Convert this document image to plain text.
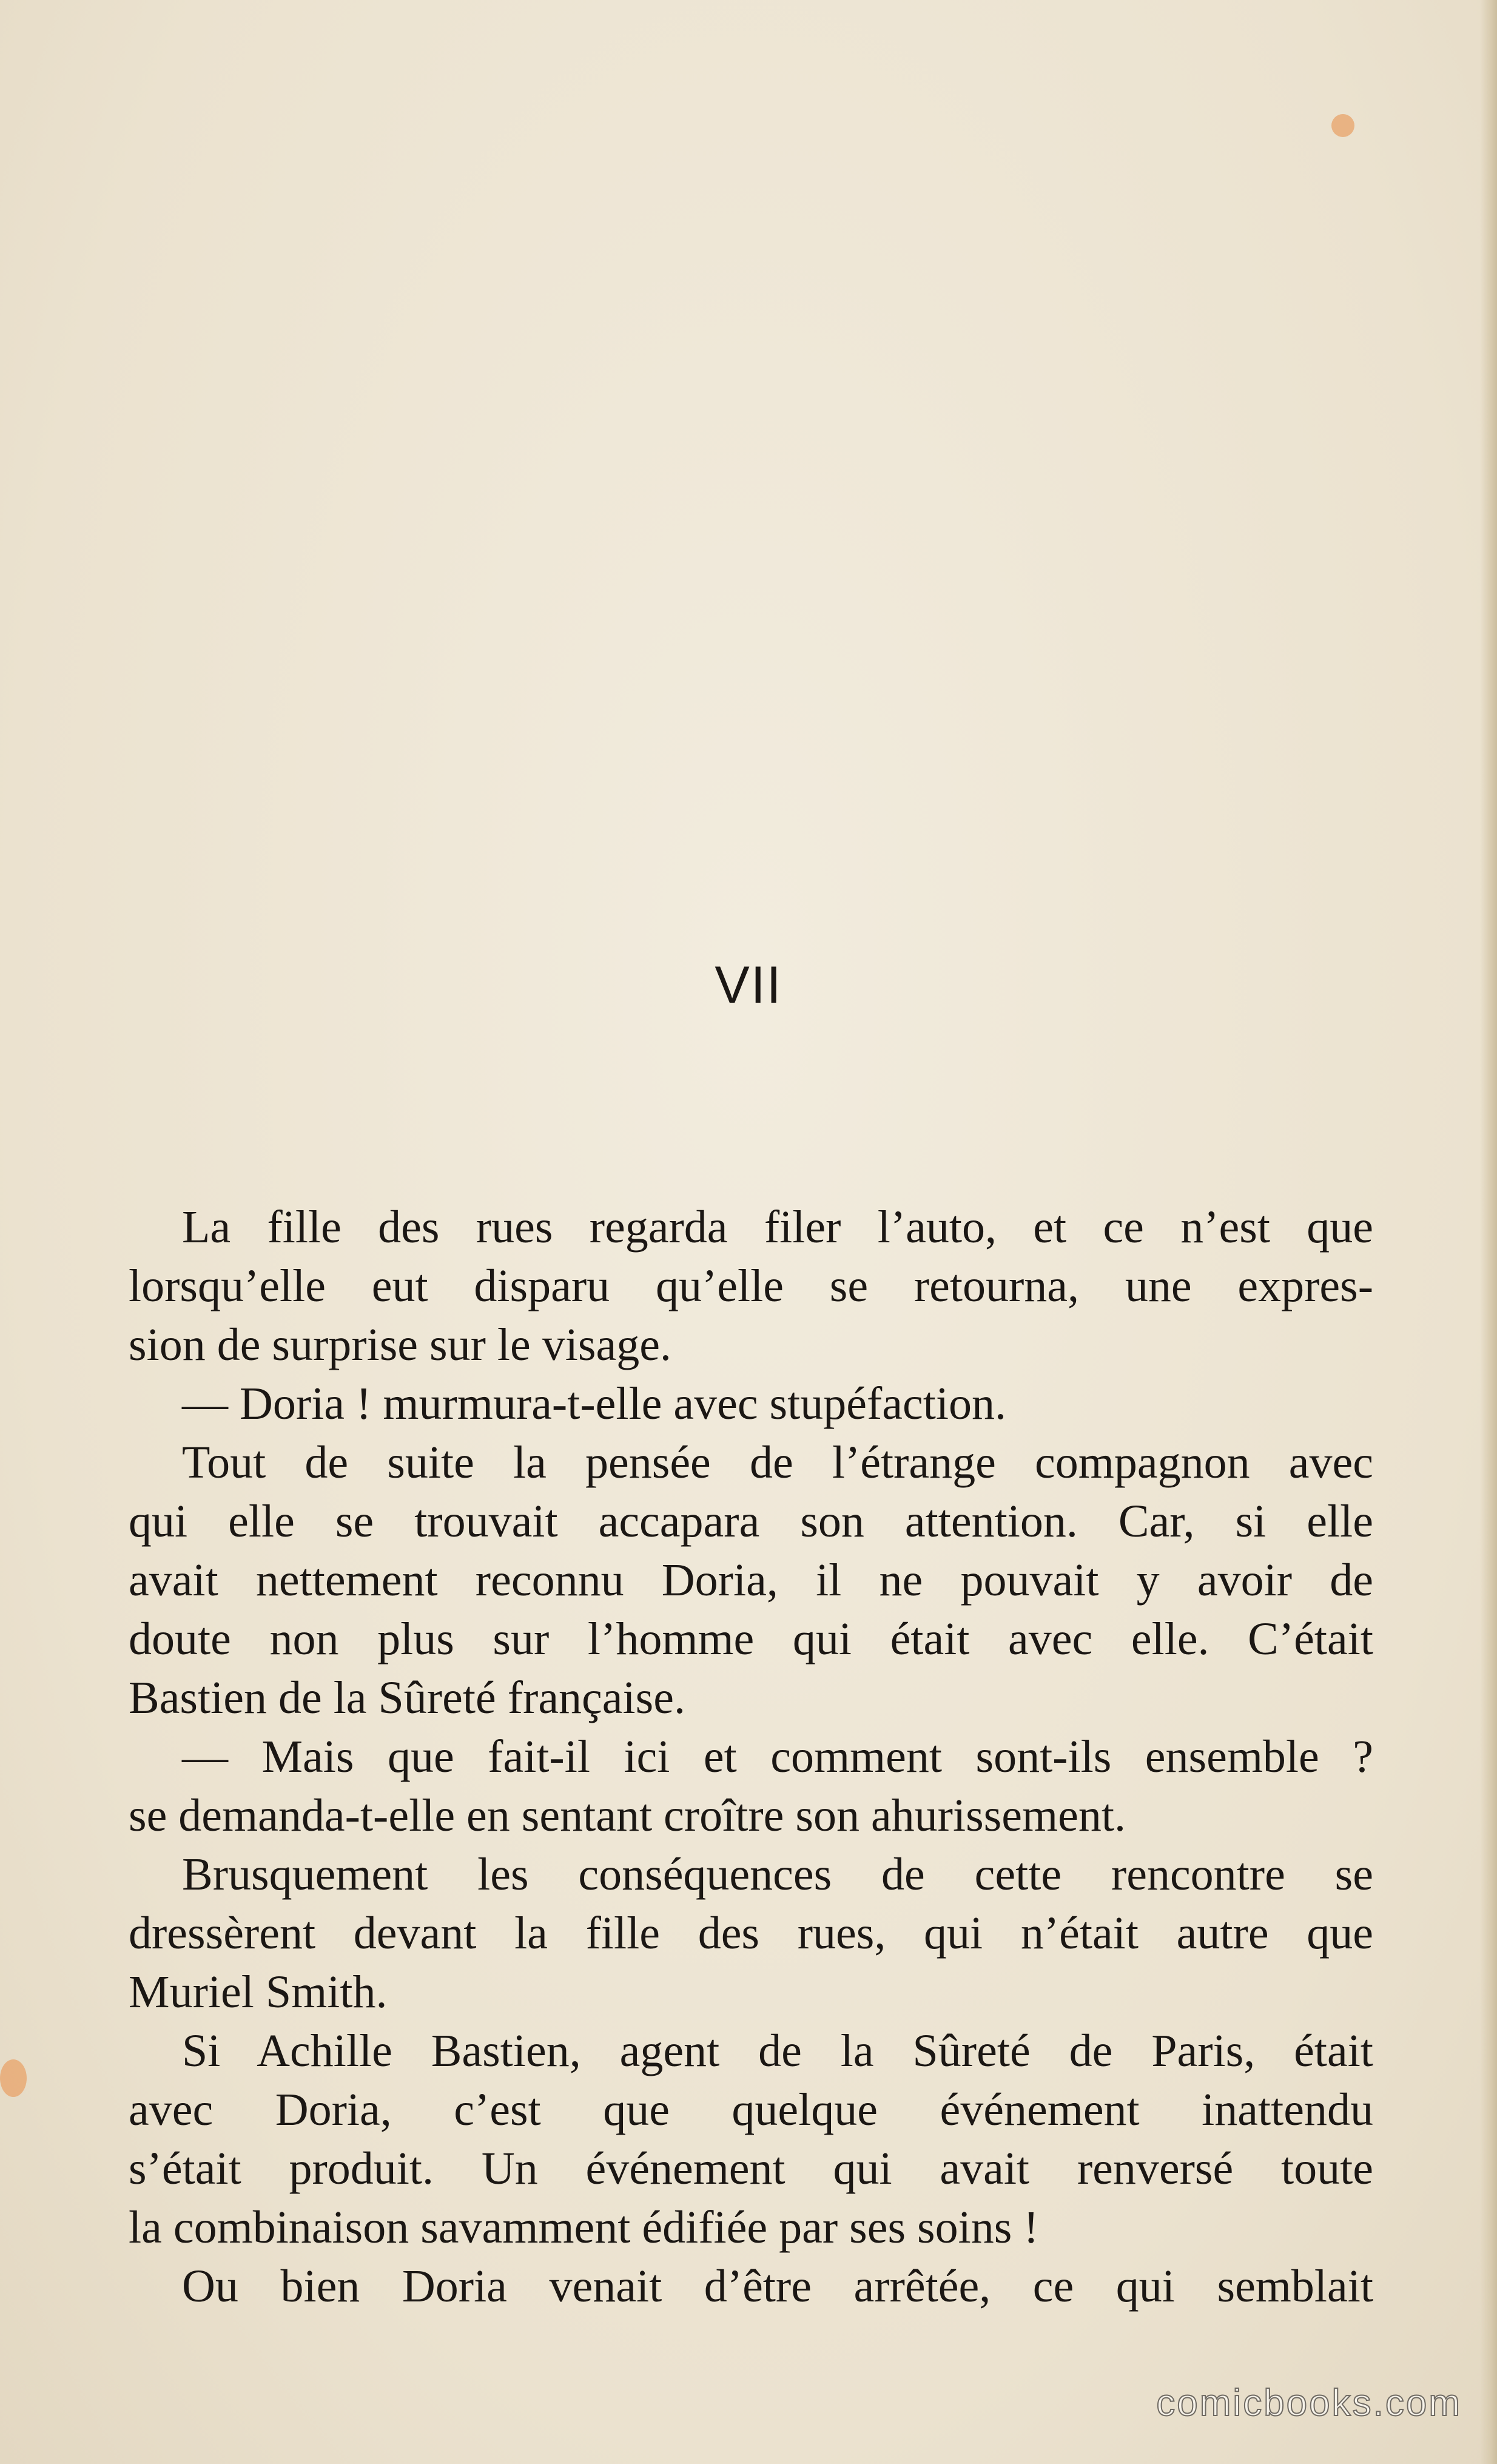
VII
La fille des rues regarda filer l’auto, et ce n’est que
lorsqu’elle eut disparu qu’elle se retourna, une expres-
sion de surprise sur le visage.
— Doria ! murmura-t-elle avec stupéfaction.
Tout de suite la pensée de l’étrange compagnon avec
qui elle se trouvait accapara son attention. Car, si elle
avait nettement reconnu Doria, il ne pouvait y avoir de
doute non plus sur l’homme qui était avec elle. C’était
Bastien de la Sûreté française.
— Mais que fait-il ici et comment sont-ils ensemble ?
se demanda-t-elle en sentant croître son ahurissement.
Brusquement les conséquences de cette rencontre se
dressèrent devant la fille des rues, qui n’était autre que
Muriel Smith.
Si Achille Bastien, agent de la Sûreté de Paris, était
avec Doria, c’est que quelque événement inattendu
s’était produit. Un événement qui avait renversé toute
la combinaison savamment édifiée par ses soins !
Ou bien Doria venait d’être arrêtée, ce qui semblait
comicbooks.com
